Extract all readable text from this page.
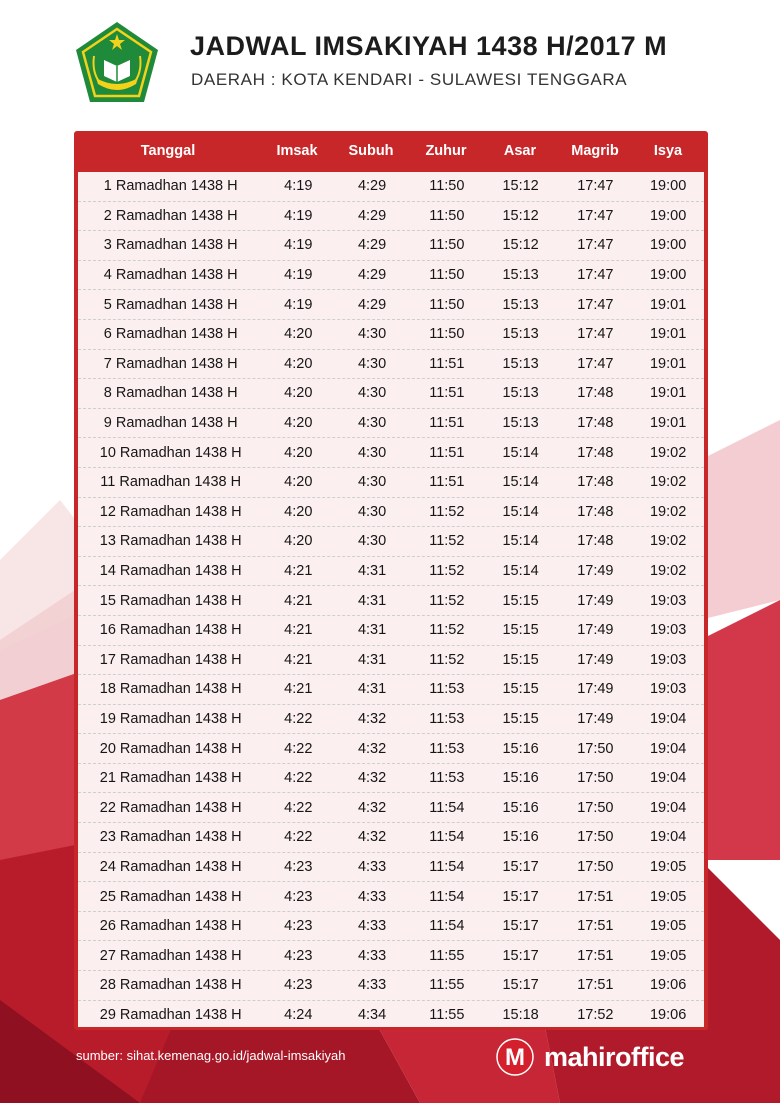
JADWAL IMSAKIYAH 1438 H/2017 M

DAERAH : KOTA KENDARI - SULAWESI TENGGARA

Tanggal	Imsak	Subuh	Zuhur	Asar	Magrib	Isya
1 Ramadhan 1438 H	4:19	4:29	11:50	15:12	17:47	19:00
2 Ramadhan 1438 H	4:19	4:29	11:50	15:12	17:47	19:00
3 Ramadhan 1438 H	4:19	4:29	11:50	15:12	17:47	19:00
4 Ramadhan 1438 H	4:19	4:29	11:50	15:13	17:47	19:00
5 Ramadhan 1438 H	4:19	4:29	11:50	15:13	17:47	19:01
6 Ramadhan 1438 H	4:20	4:30	11:50	15:13	17:47	19:01
7 Ramadhan 1438 H	4:20	4:30	11:51	15:13	17:47	19:01
8 Ramadhan 1438 H	4:20	4:30	11:51	15:13	17:48	19:01
9 Ramadhan 1438 H	4:20	4:30	11:51	15:13	17:48	19:01
10 Ramadhan 1438 H	4:20	4:30	11:51	15:14	17:48	19:02
11 Ramadhan 1438 H	4:20	4:30	11:51	15:14	17:48	19:02
12 Ramadhan 1438 H	4:20	4:30	11:52	15:14	17:48	19:02
13 Ramadhan 1438 H	4:20	4:30	11:52	15:14	17:48	19:02
14 Ramadhan 1438 H	4:21	4:31	11:52	15:14	17:49	19:02
15 Ramadhan 1438 H	4:21	4:31	11:52	15:15	17:49	19:03
16 Ramadhan 1438 H	4:21	4:31	11:52	15:15	17:49	19:03
17 Ramadhan 1438 H	4:21	4:31	11:52	15:15	17:49	19:03
18 Ramadhan 1438 H	4:21	4:31	11:53	15:15	17:49	19:03
19 Ramadhan 1438 H	4:22	4:32	11:53	15:15	17:49	19:04
20 Ramadhan 1438 H	4:22	4:32	11:53	15:16	17:50	19:04
21 Ramadhan 1438 H	4:22	4:32	11:53	15:16	17:50	19:04
22 Ramadhan 1438 H	4:22	4:32	11:54	15:16	17:50	19:04
23 Ramadhan 1438 H	4:22	4:32	11:54	15:16	17:50	19:04
24 Ramadhan 1438 H	4:23	4:33	11:54	15:17	17:50	19:05
25 Ramadhan 1438 H	4:23	4:33	11:54	15:17	17:51	19:05
26 Ramadhan 1438 H	4:23	4:33	11:54	15:17	17:51	19:05
27 Ramadhan 1438 H	4:23	4:33	11:55	15:17	17:51	19:05
28 Ramadhan 1438 H	4:23	4:33	11:55	15:17	17:51	19:06
29 Ramadhan 1438 H	4:24	4:34	11:55	15:18	17:52	19:06
sumber: sihat.kemenag.go.id/jadwal-imsakiyah	M mahiroffice
